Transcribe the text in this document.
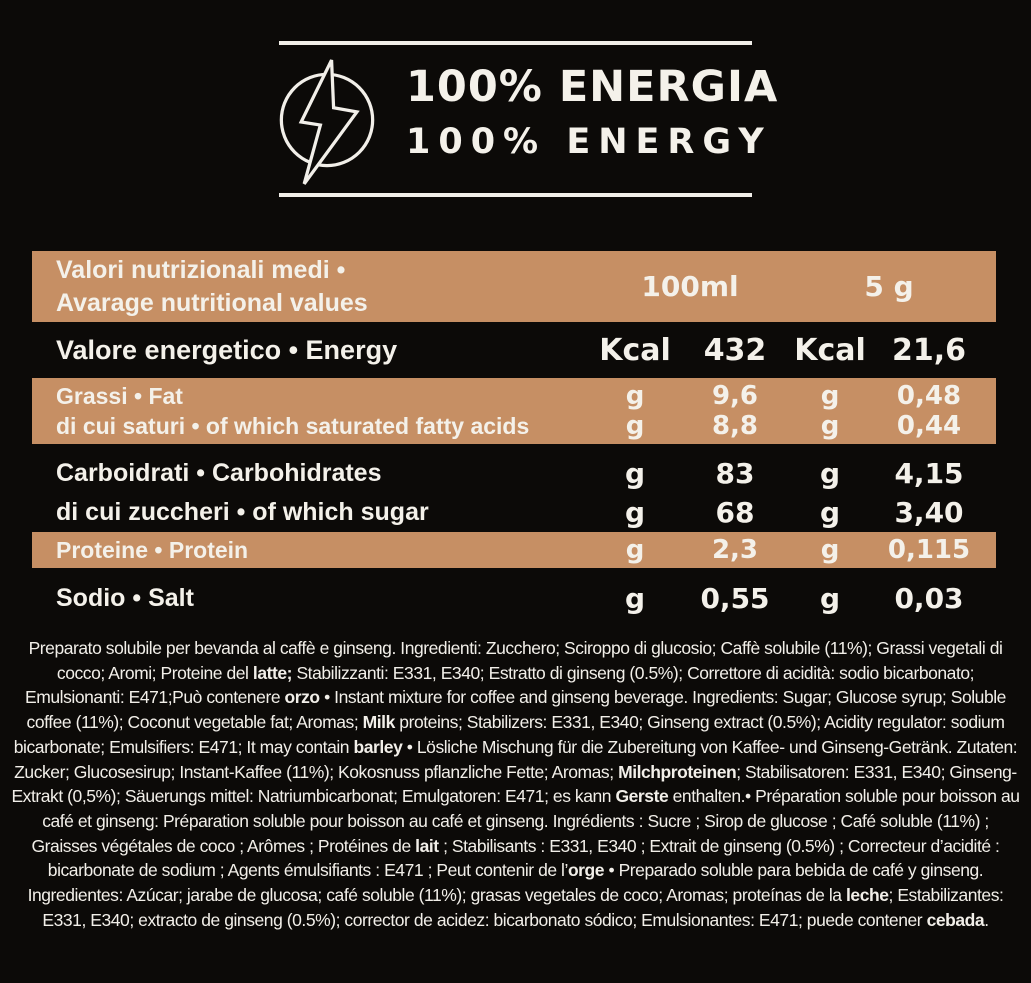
100% ENERGIA
100% ENERGY
Valori nutrizionali medi •
Avarage nutritional values	100ml	5 g
Valore energetico • Energy	Kcal	432 Kcal 21,6
Grassi • Fat	g	9,6	g	0,48
di cui saturi • of which saturated fatty acids	g	8,8	g	0,44
Carboidrati • Carbohidrates	g	83	g	4,15
di cui zuccheri • of which sugar	g	68	g	3,40
Proteine • Protein	g	2,3	g	0,115
Sodio • Salt	g	0,55	g	0,03

Preparato solubile per bevanda al caffè e ginseng. Ingredienti: Zucchero; Sciroppo di glucosio; Caffè solubile (11%); Grassi vegetali di cocco; Aromi; Proteine del latte; Stabilizzanti: E331, E340; Estratto di ginseng (0.5%); Correttore di acidità: sodio bicarbonato; Emulsionanti: E471;Può contenere orzo • Instant mixture for coffee and ginseng beverage. Ingredients: Sugar; Glucose syrup; Soluble coffee (11%); Coconut vegetable fat; Aromas; Milk proteins; Stabilizers: E331, E340; Ginseng extract (0.5%); Acidity regulator: sodium bicarbonate; Emulsifiers: E471; It may contain barley • Lösliche Mischung für die Zubereitung von Kaffee- und Ginseng-Getränk. Zutaten: Zucker; Glucosesirup; Instant-Kaffee (11%); Kokosnuss pflanzliche Fette; Aromas; Milchproteinen; Stabilisatoren: E331, E340; Ginseng-Extrakt (0,5%); Säuerungs mittel: Natriumbicarbonat; Emulgatoren: E471; es kann Gerste enthalten.• Préparation soluble pour boisson au café et ginseng: Préparation soluble pour boisson au café et ginseng. Ingrédients : Sucre ; Sirop de glucose ; Café soluble (11%) ; Graisses végétales de coco ; Arômes ; Protéines de lait ; Stabilisants : E331, E340 ; Extrait de ginseng (0.5%) ; Correcteur d’acidité : bicarbonate de sodium ; Agents émulsifiants : E471 ; Peut contenir de l’orge • Preparado soluble para bebida de café y ginseng. Ingredientes: Azúcar; jarabe de glucosa; café soluble (11%); grasas vegetales de coco; Aromas; proteínas de la leche; Estabilizantes: E331, E340; extracto de ginseng (0.5%); corrector de acidez: bicarbonato sódico; Emulsionantes: E471; puede contener cebada.
